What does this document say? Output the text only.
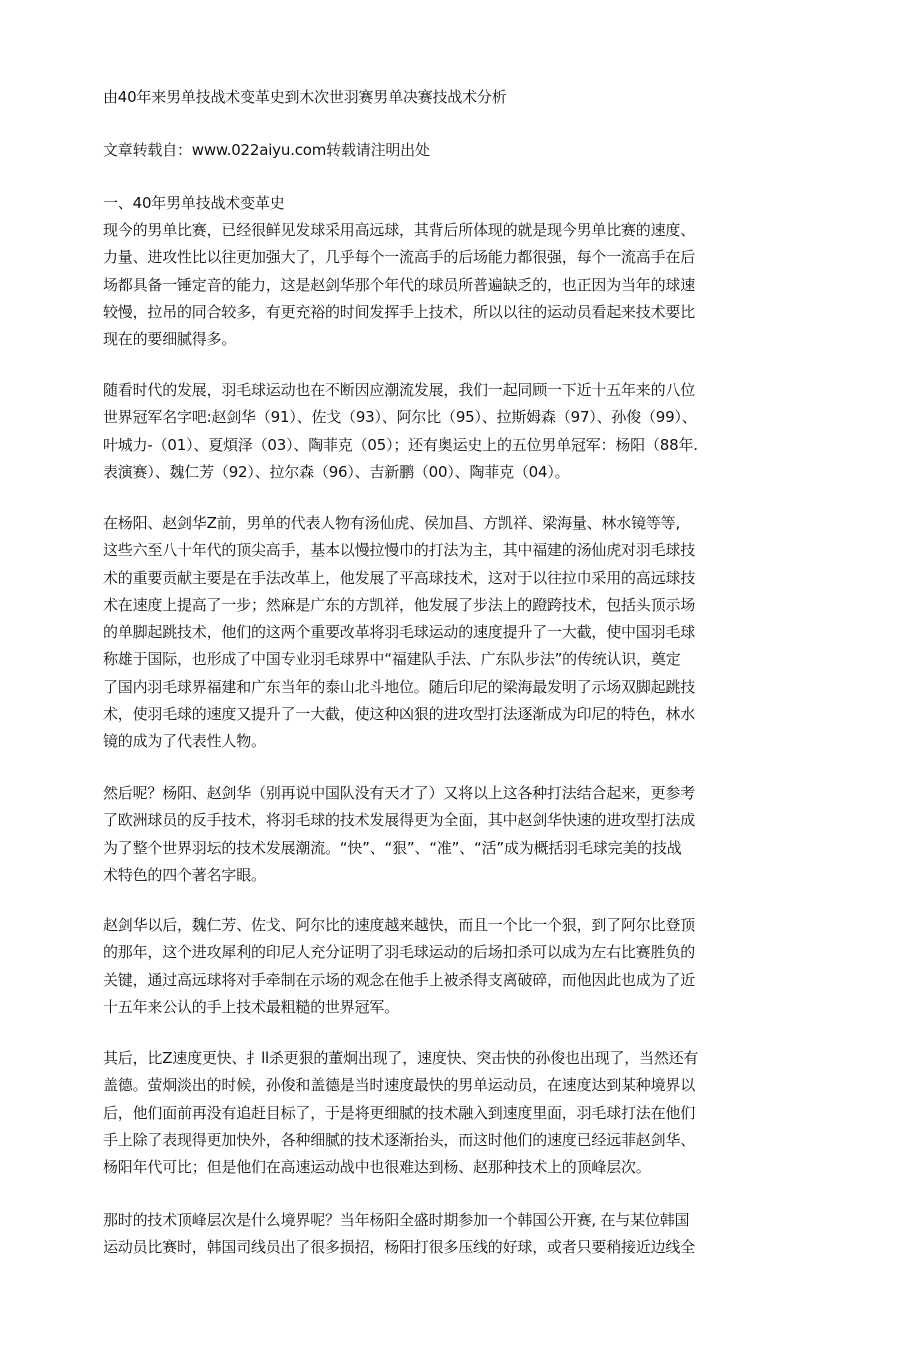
由40年来男单技战术变革史到木次世羽赛男单决赛技战术分析
文章转载自：www.022aiyu.com转载请注明出处
一、40年男单技战术变革史
现今的男单比赛，已经很鲜见发球采用高远球，其背后所体现的就是现今男单比赛的速度、
力量、进攻性比以往更加强大了，几乎每个一流高手的后场能力都很强，每个一流高手在后
场都具备一锤定音的能力，这是赵剑华那个年代的球员所普遍缺乏的，也正因为当年的球速
较慢，拉吊的同合较多，有更充裕的时间发挥手上技术，所以以往的运动员看起来技术要比
现在的要细腻得多。
随看时代的发展，羽毛球运动也在不断因应潮流发展，我们一起同顾一下近十五年来的八位
世界冠军名字吧:赵剑华（91）、佐戈（93）、阿尔比（95）、拉斯姆森（97）、孙俊（99）、
叶城力-（01）、夏煩泽（03）、陶菲克（05）；还有奥运史上的五位男单冠军：杨阳（88年.
表演赛）、魏仁芳（92）、拉尔森（96）、吉新鹏（00）、陶菲克（04）。
在杨阳、赵剑华Z前，男单的代表人物有汤仙虎、侯加昌、方凯祥、梁海量、林水镜等等,
这些六至八十年代的顶尖高手，基本以慢拉慢巾的打法为主，其中福建的汤仙虎对羽毛球技
术的重要贡献主要是在手法改革上，他发展了平高球技术，这对于以往拉巾采用的高远球技
术在速度上提高了一步；然麻是广东的方凯祥，他发展了步法上的蹬跨技术，包括头顶示场
的单脚起跳技术，他们的这两个重要改革将羽毛球运动的速度提升了一大截，使中国羽毛球
称雄于国际，也形成了中国专业羽毛球界中“福建队手法、广东队步法”的传统认识，奠定
了国内羽毛球界福建和广东当年的泰山北斗地位。随后印尼的梁海最发明了示场双脚起跳技
术，使羽毛球的速度又提升了一大截，使这种凶狠的进攻型打法逐渐成为印尼的特色，林水
镜的成为了代表性人物。
然后呢？杨阳、赵剑华（别再说中国队没有天才了）又将以上这各种打法结合起来，更参考
了欧洲球员的反手技术，将羽毛球的技术发展得更为全面，其中赵剑华快速的进攻型打法成
为了整个世界羽坛的技术发展潮流。“快”、“狠”、“准”、“活”成为概括羽毛球完美的技战
术特色的四个著名字眼。
赵剑华以后，魏仁芳、佐戈、阿尔比的速度越来越快，而且一个比一个狠，到了阿尔比登顶
的那年，这个进攻犀利的印尼人充分证明了羽毛球运动的后场扣杀可以成为左右比赛胜负的
关键，通过高远球将对手牵制在示场的观念在他手上被杀得支离破碎，而他因此也成为了近
十五年来公认的手上技术最粗糙的世界冠军。
其后，比Z速度更快、扌ll杀更狠的董炯出现了，速度快、突击快的孙俊也出现了，当然还有
盖德。萤炯淡出的时候，孙俊和盖德是当时速度最快的男单运动员，在速度达到某种境界以
后，他们面前再没有追赶目标了，于是将更细腻的技术融入到速度里面，羽毛球打法在他们
手上除了表现得更加快外，各种细腻的技术逐渐抬头，而这时他们的速度已经远菲赵剑华、
杨阳年代可比；但是他们在高速运动战中也很难达到杨、赵那种技术上的顶峰层次。
那时的技术顶峰层次是什么境界呢？当年杨阳全盛时期参加一个韩国公开赛, 在与某位韩国
运动员比赛时，韩国司线员出了很多损招，杨阳打很多压线的好球，或者只要稍接近边线全
